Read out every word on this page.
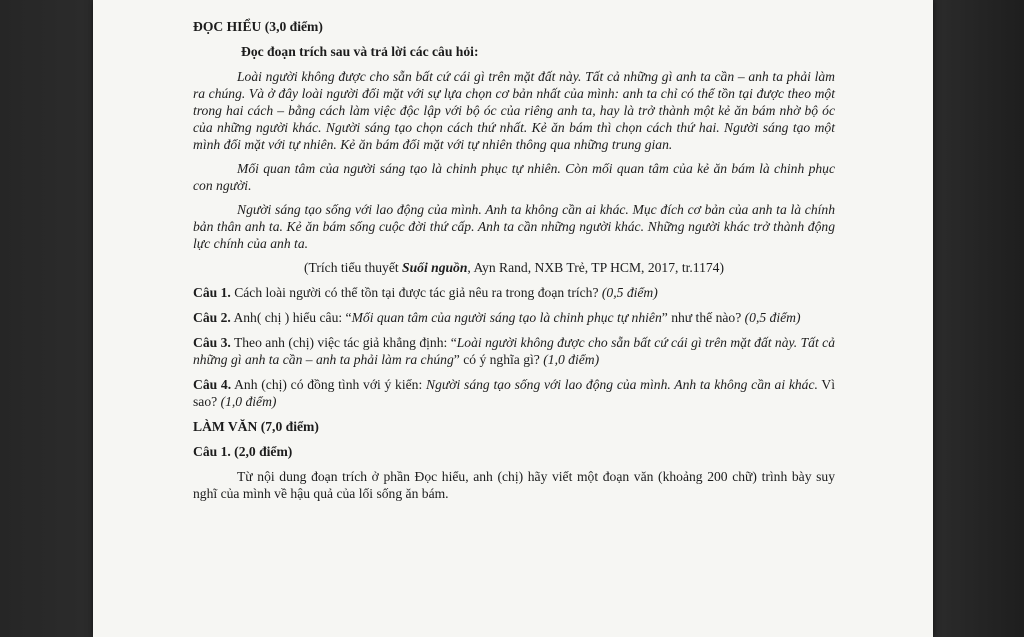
ĐỌC HIỂU (3,0 điểm)
Đọc đoạn trích sau và trả lời các câu hỏi:

Loài người không được cho sẵn bất cứ cái gì trên mặt đất này. Tất cả những gì anh ta cần – anh ta phải làm ra chúng. Và ở đây loài người đối mặt với sự lựa chọn cơ bản nhất của mình: anh ta chỉ có thể tồn tại được theo một trong hai cách – bằng cách làm việc độc lập với bộ óc của riêng anh ta, hay là trở thành một kẻ ăn bám nhờ bộ óc của những người khác. Người sáng tạo chọn cách thứ nhất. Kẻ ăn bám thì chọn cách thứ hai. Người sáng tạo một mình đối mặt với tự nhiên. Kẻ ăn bám đối mặt với tự nhiên thông qua những trung gian.

Mối quan tâm của người sáng tạo là chinh phục tự nhiên. Còn mối quan tâm của kẻ ăn bám là chinh phục con người.

Người sáng tạo sống với lao động của mình. Anh ta không cần ai khác. Mục đích cơ bản của anh ta là chính bản thân anh ta. Kẻ ăn bám sống cuộc đời thứ cấp. Anh ta cần những người khác. Những người khác trở thành động lực chính của anh ta.

(Trích tiểu thuyết Suối nguồn, Ayn Rand, NXB Trẻ, TP HCM, 2017, tr.1174)

Câu 1. Cách loài người có thể tồn tại được tác giả nêu ra trong đoạn trích? (0,5 điểm)

Câu 2. Anh( chị ) hiểu câu: “Mối quan tâm của người sáng tạo là chinh phục tự nhiên” như thế nào? (0,5 điểm)

Câu 3. Theo anh (chị) việc tác giả khẳng định: “Loài người không được cho sẵn bất cứ cái gì trên mặt đất này. Tất cả những gì anh ta cần – anh ta phải làm ra chúng” có ý nghĩa gì? (1,0 điểm)

Câu 4. Anh (chị) có đồng tình với ý kiến: Người sáng tạo sống với lao động của mình. Anh ta không cần ai khác. Vì sao? (1,0 điểm)

LÀM VĂN (7,0 điểm)
Câu 1. (2,0 điểm)

Từ nội dung đoạn trích ở phần Đọc hiểu, anh (chị) hãy viết một đoạn văn (khoảng 200 chữ) trình bày suy nghĩ của mình về hậu quả của lối sống ăn bám.
